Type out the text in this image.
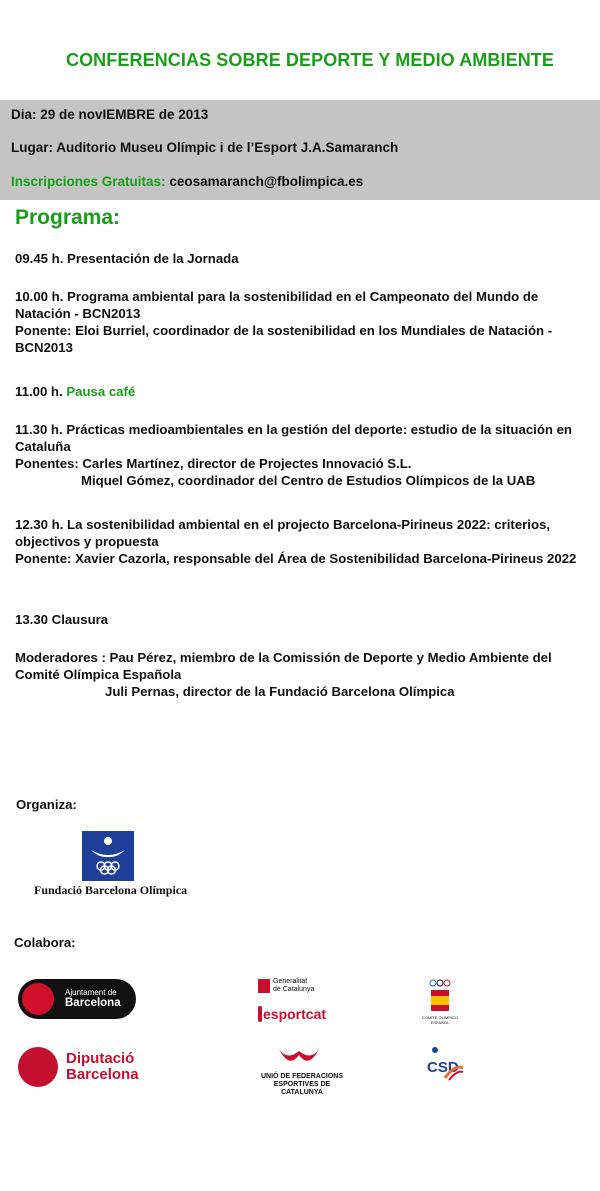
CONFERENCIAS SOBRE DEPORTE Y MEDIO AMBIENTE
Dia: 29 de novIEMBRE de 2013
Lugar: Auditorio Museu Olímpic i de l’Esport J.A.Samaranch
Inscripciones Gratuitas: ceosamaranch@fbolimpica.es
Programa:

09.45 h. Presentación de la Jornada

10.00 h. Programa ambiental para la sostenibilidad en el Campeonato del Mundo de Natación - BCN2013

Ponente: Eloi Burriel, coordinador de la sostenibilidad en los Mundiales de Natación - BCN2013

11.00 h. Pausa café

11.30 h. Prácticas medioambientales en la gestión del deporte: estudio de la situación en Cataluña

Ponentes: Carles Martínez, director de Projectes Innovació S.L.

Miquel Gómez, coordinador del Centro de Estudios Olímpicos de la UAB

12.30 h. La sostenibilidad ambiental en el projecto Barcelona-Pirineus 2022: criterios, objectivos y propuesta

Ponente: Xavier Cazorla, responsable del Área de Sostenibilidad Barcelona-Pirineus 2022

13.30 Clausura

Moderadores : Pau Pérez, miembro de la Comissión de Deporte y Medio Ambiente del Comité Olímpica Española

Juli Pernas, director de la Fundació Barcelona Olímpica

Organiza:
Fundació Barcelona Olímpica
Colabora:
Ajuntament de
Barcelona
Diputació
Barcelona
Generalitat
de Catalunya
esportcat
UNIÓ DE FEDERACIONS
ESPORTIVES DE CATALUNYA
COMITÉ OLÍMPICO ESPAÑOL
CSD
